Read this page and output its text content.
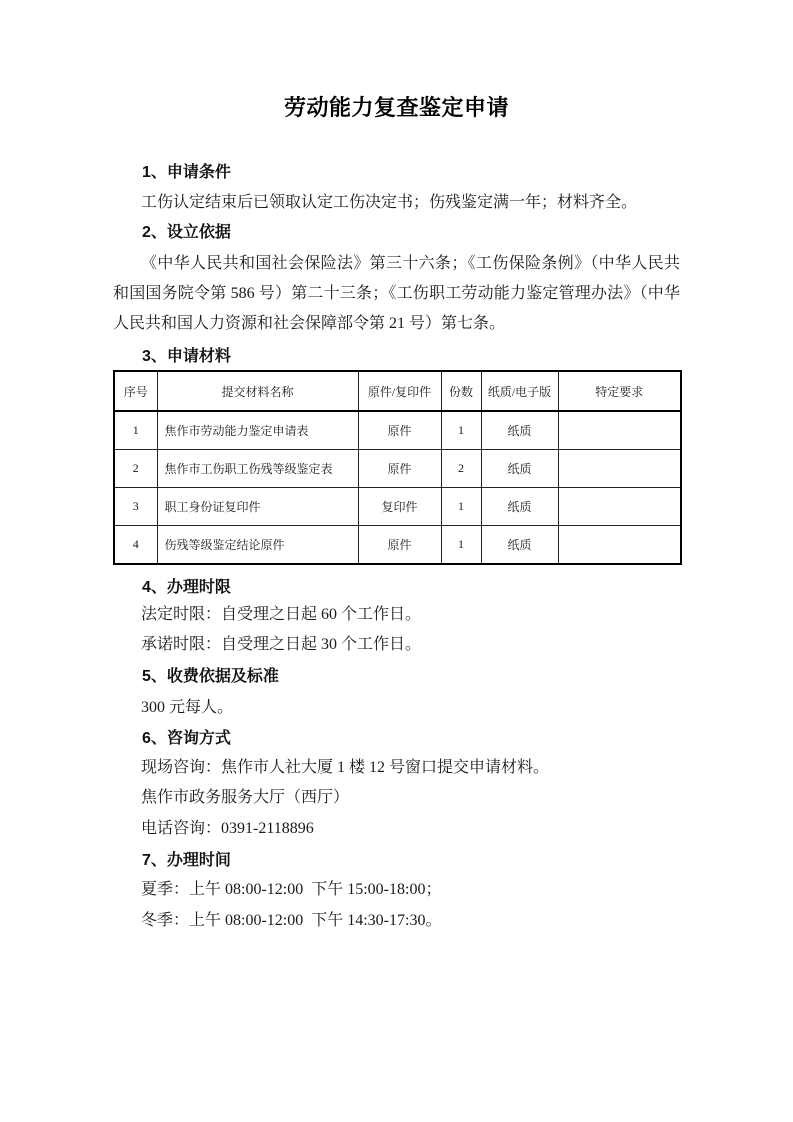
劳动能力复查鉴定申请
1、申请条件
工伤认定结束后已领取认定工伤决定书；伤残鉴定满一年；材料齐全。
2、设立依据
《中华人民共和国社会保险法》第三十六条；《工伤保险条例》（中华人民共和国国务院令第 586 号）第二十三条；《工伤职工劳动能力鉴定管理办法》（中华人民共和国人力资源和社会保障部令第 21 号）第七条。
3、申请材料
序号	提交材料名称	原件/复印件	份数	纸质/电子版	特定要求
1	焦作市劳动能力鉴定申请表	原件	1	纸质	
2	焦作市工伤职工伤残等级鉴定表	原件	2	纸质	
3	职工身份证复印件	复印件	1	纸质	
4	伤残等级鉴定结论原件	原件	1	纸质	
4、办理时限
法定时限：自受理之日起 60 个工作日。
承诺时限：自受理之日起 30 个工作日。
5、收费依据及标准
300 元每人。
6、咨询方式
现场咨询：焦作市人社大厦 1 楼 12 号窗口提交申请材料。
焦作市政务服务大厅（西厅）
电话咨询：0391-2118896
7、办理时间
夏季：上午 08:00-12:00  下午 15:00-18:00；
冬季：上午 08:00-12:00  下午 14:30-17:30。
